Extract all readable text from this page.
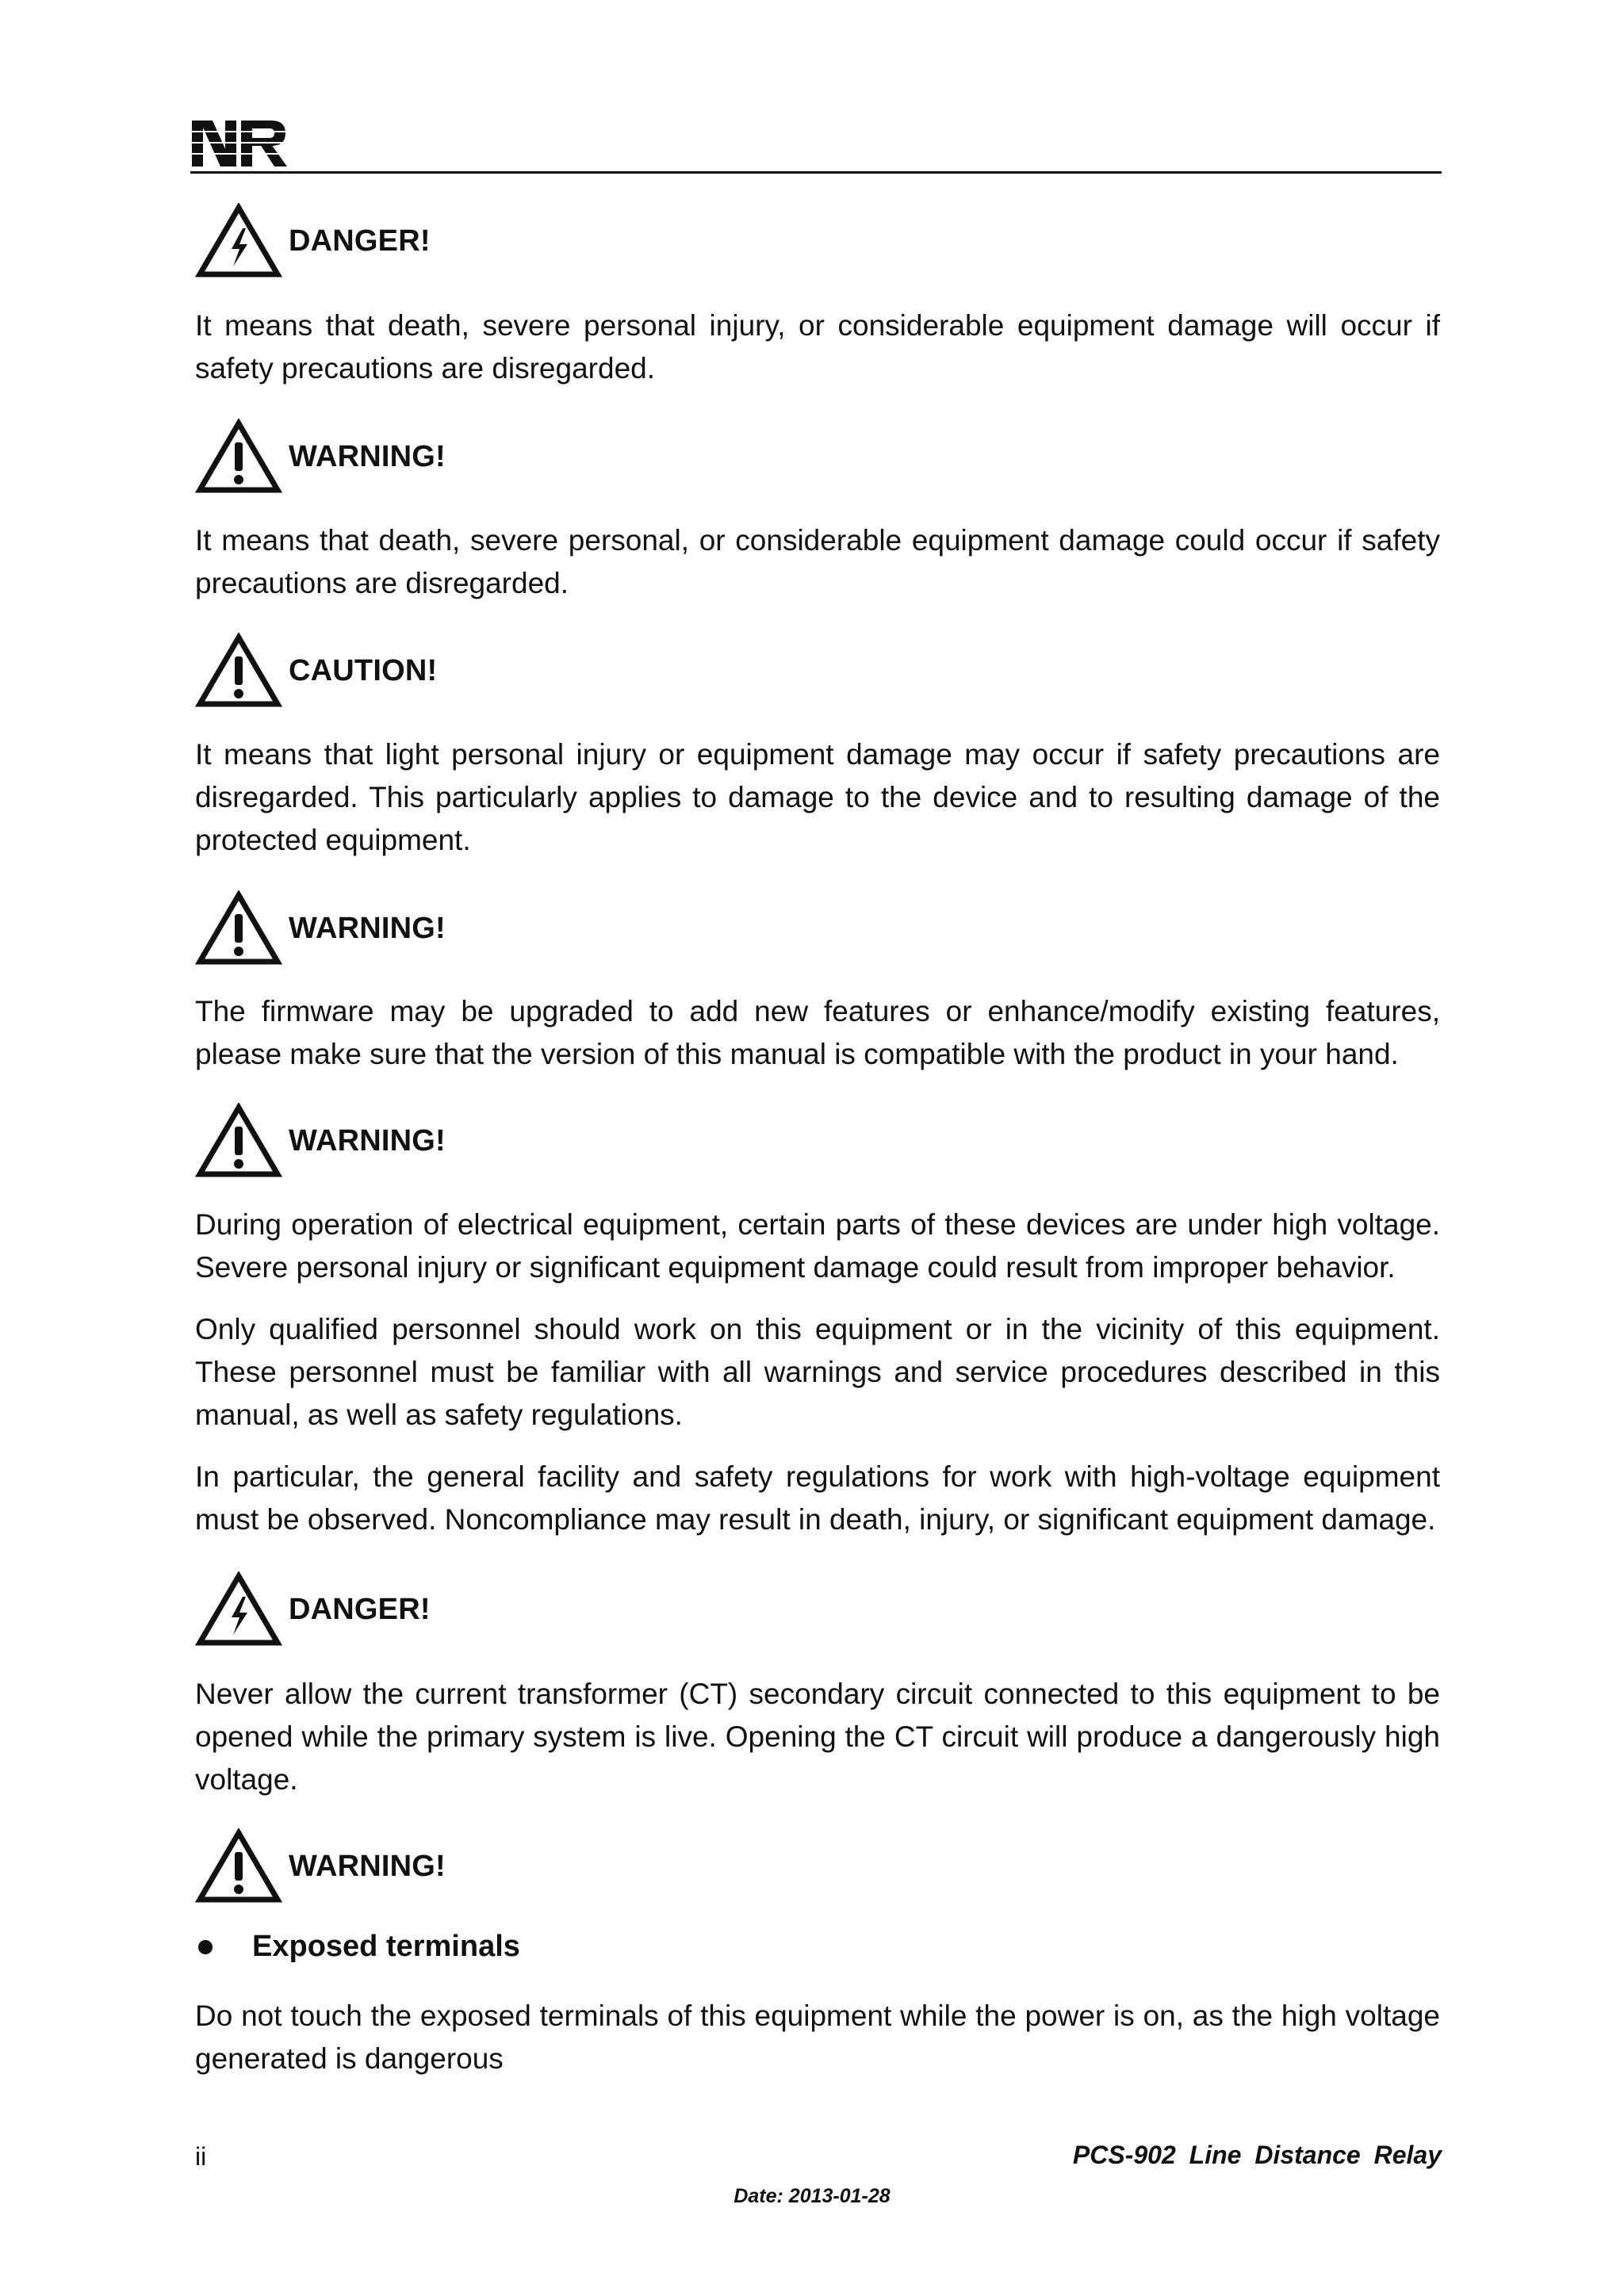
DANGER!
It means that death, severe personal injury, or considerable equipment damage will occur if safety precautions are disregarded.
WARNING!
It means that death, severe personal, or considerable equipment damage could occur if safety precautions are disregarded.
CAUTION!
It means that light personal injury or equipment damage may occur if safety precautions are disregarded. This particularly applies to damage to the device and to resulting damage of the protected equipment.
WARNING!
The firmware may be upgraded to add new features or enhance/modify existing features, please make sure that the version of this manual is compatible with the product in your hand.
WARNING!
During operation of electrical equipment, certain parts of these devices are under high voltage. Severe personal injury or significant equipment damage could result from improper behavior.
Only qualified personnel should work on this equipment or in the vicinity of this equipment. These personnel must be familiar with all warnings and service procedures described in this manual, as well as safety regulations.
In particular, the general facility and safety regulations for work with high-voltage equipment must be observed. Noncompliance may result in death, injury, or significant equipment damage.
DANGER!
Never allow the current transformer (CT) secondary circuit connected to this equipment to be opened while the primary system is live. Opening the CT circuit will produce a dangerously high voltage.
WARNING!
Exposed terminals
Do not touch the exposed terminals of this equipment while the power is on, as the high voltage generated is dangerous
ii	PCS-902 Line Distance Relay
Date: 2013-01-28
